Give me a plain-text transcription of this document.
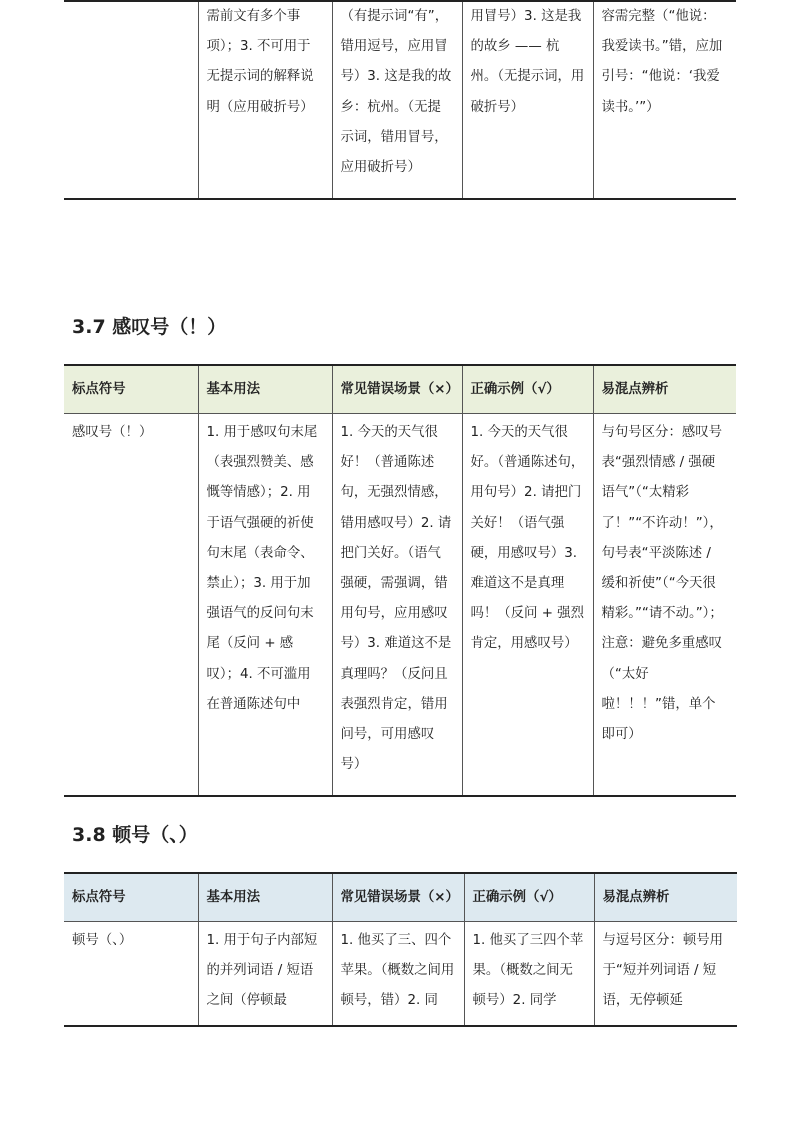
	需前文有多个事项）；3. 不可用于无提示词的解释说明（应用破折号）	（有提示词“有”，错用逗号，应用冒号）3. 这是我的故乡：杭州。（无提示词，错用冒号，应用破折号）	用冒号）3. 这是我的故乡 —— 杭州。（无提示词，用破折号）	容需完整（“他说：我爱读书。”错，应加引号：“他说：‘我爱读书。’”）
3.7 感叹号（！）
标点符号	基本用法	常见错误场景（×）	正确示例（√）	易混点辨析
感叹号（！）	1. 用于感叹句末尾（表强烈赞美、感慨等情感）；2. 用于语气强硬的祈使句末尾（表命令、禁止）；3. 用于加强语气的反问句末尾（反问 + 感叹）；4. 不可滥用在普通陈述句中	1. 今天的天气很好！（普通陈述句，无强烈情感，错用感叹号）2. 请把门关好。（语气强硬，需强调，错用句号，应用感叹号）3. 难道这不是真理吗？（反问且表强烈肯定，错用问号，可用感叹号）	1. 今天的天气很好。（普通陈述句，用句号）2. 请把门关好！（语气强硬，用感叹号）3. 难道这不是真理吗！（反问 + 强烈肯定，用感叹号）	与句号区分：感叹号表“强烈情感 / 强硬语气”（“太精彩了！”“不许动！”），句号表“平淡陈述 / 缓和祈使”（“今天很精彩。”“请不动。”）；注意：避免多重感叹（“太好啦！！！”错，单个即可）
3.8 顿号（、）
标点符号	基本用法	常见错误场景（×）	正确示例（√）	易混点辨析
顿号（、）	1. 用于句子内部短的并列词语 / 短语之间（停顿最	1. 他买了三、四个苹果。（概数之间用顿号，错）2. 同	1. 他买了三四个苹果。（概数之间无顿号）2. 同学	与逗号区分：顿号用于“短并列词语 / 短语，无停顿延
